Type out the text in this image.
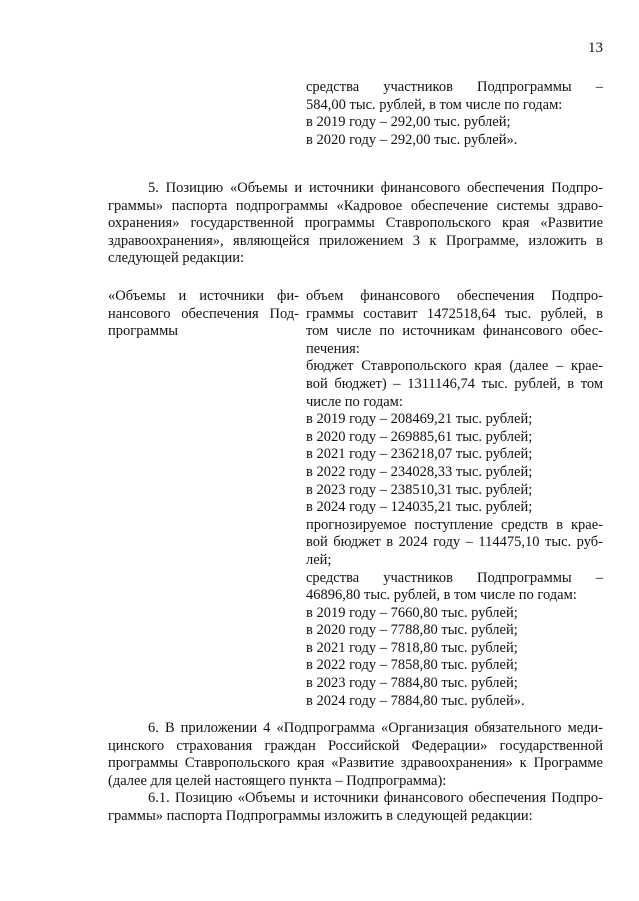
13
средства участников Подпрограммы –
584,00 тыс. рублей, в том числе по годам:
в 2019 году – 292,00 тыс. рублей;
в 2020 году – 292,00 тыс. рублей».
5. Позицию «Объемы и источники финансового обеспечения Подпро-
граммы» паспорта подпрограммы «Кадровое обеспечение системы здраво-
охранения» государственной программы Ставропольского края «Развитие
здравоохранения», являющейся приложением 3 к Программе, изложить в
следующей редакции:
«Объемы и источники фи-
нансового обеспечения Под-
программы
объем финансового обеспечения Подпро-
граммы составит 1472518,64 тыс. рублей, в
том числе по источникам финансового обес-
печения:
бюджет Ставропольского края (далее – крае-
вой бюджет) – 1311146,74 тыс. рублей, в том
числе по годам:
в 2019 году – 208469,21 тыс. рублей;
в 2020 году – 269885,61 тыс. рублей;
в 2021 году – 236218,07 тыс. рублей;
в 2022 году – 234028,33 тыс. рублей;
в 2023 году – 238510,31 тыс. рублей;
в 2024 году – 124035,21 тыс. рублей;
прогнозируемое поступление средств в крае-
вой бюджет в 2024 году – 114475,10 тыс. руб-
лей;
средства участников Подпрограммы –
46896,80 тыс. рублей, в том числе по годам:
в 2019 году – 7660,80 тыс. рублей;
в 2020 году – 7788,80 тыс. рублей;
в 2021 году – 7818,80 тыс. рублей;
в 2022 году – 7858,80 тыс. рублей;
в 2023 году – 7884,80 тыс. рублей;
в 2024 году – 7884,80 тыс. рублей».
6. В приложении 4 «Подпрограмма «Организация обязательного меди-
цинского страхования граждан Российской Федерации» государственной
программы Ставропольского края «Развитие здравоохранения» к Программе
(далее для целей настоящего пункта – Подпрограмма):
6.1. Позицию «Объемы и источники финансового обеспечения Подпро-
граммы» паспорта Подпрограммы изложить в следующей редакции:
